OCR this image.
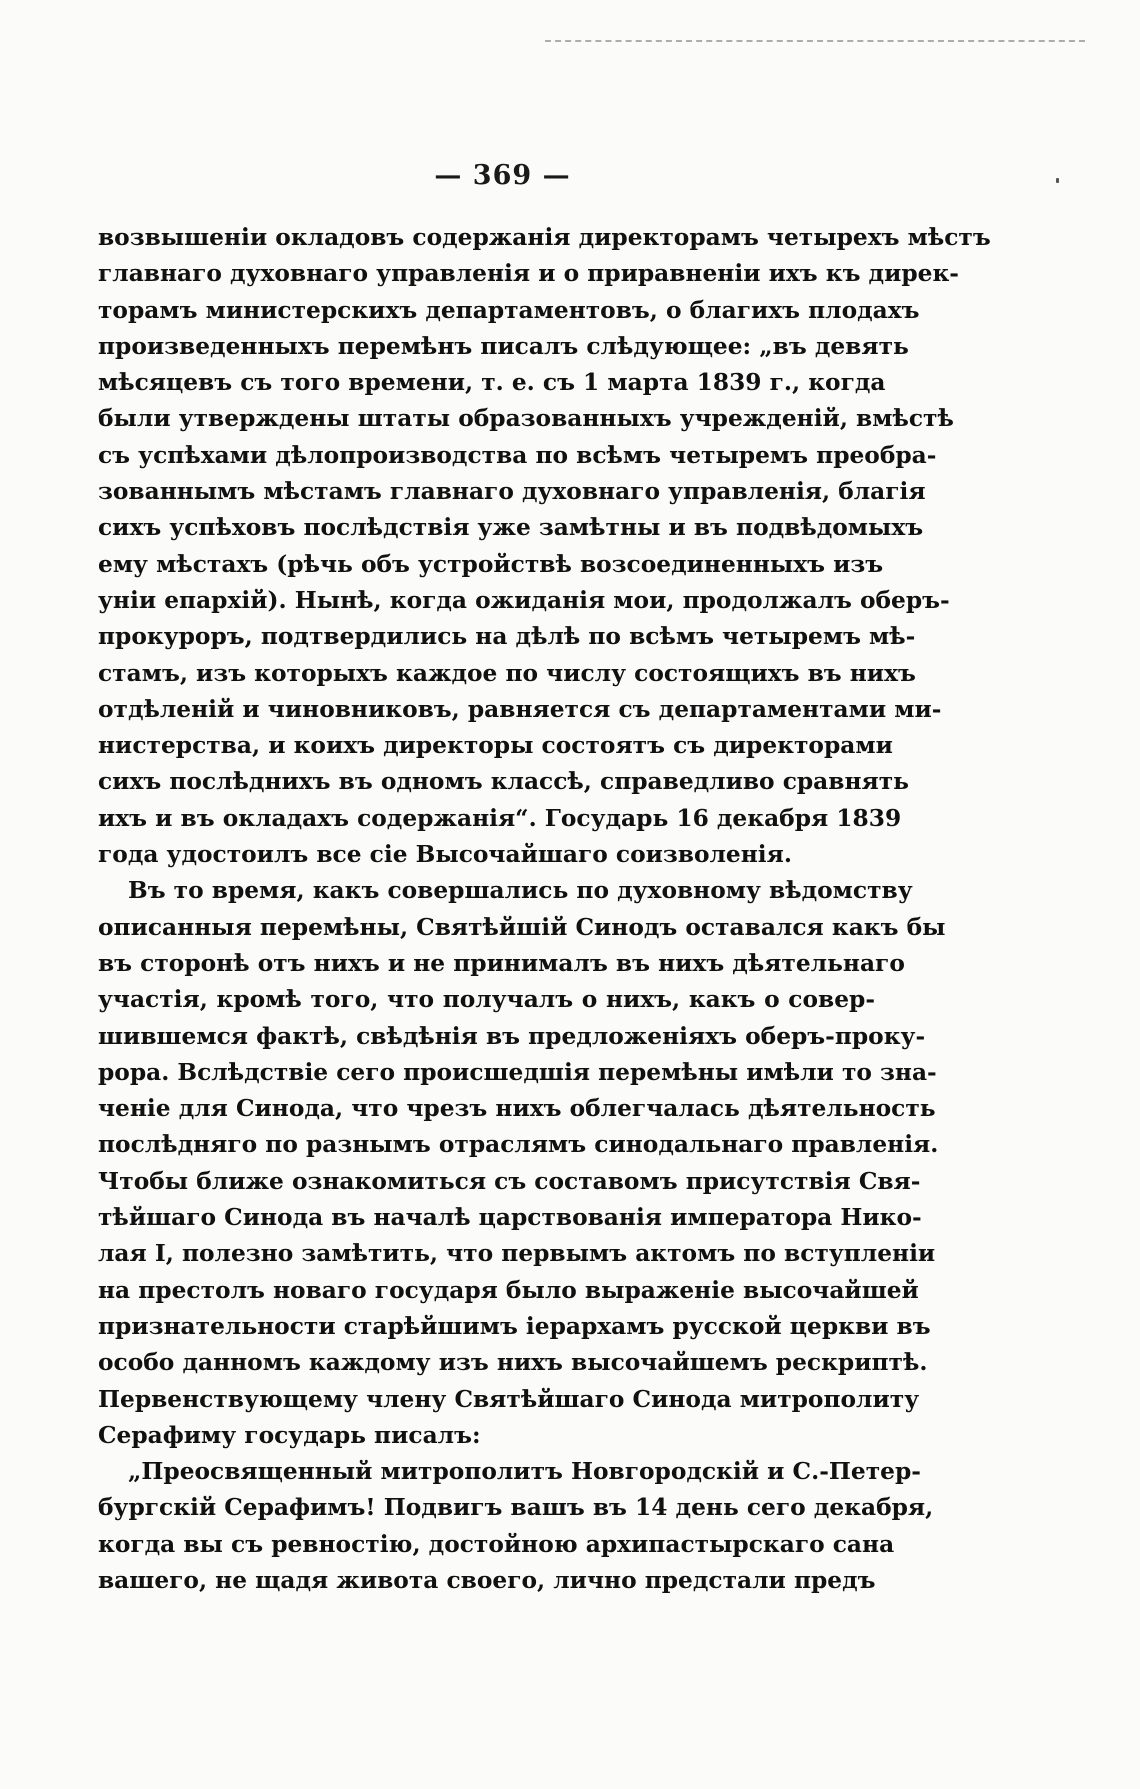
— 369 —
возвышеніи окладовъ содержанія директорамъ четырехъ мѣстъ
главнаго духовнаго управленія и о приравненіи ихъ къ дирек-
торамъ министерскихъ департаментовъ, о благихъ плодахъ
произведенныхъ перемѣнъ писалъ слѣдующее: „въ девять
мѣсяцевъ съ того времени, т. е. съ 1 марта 1839 г., когда
были утверждены штаты образованныхъ учрежденій, вмѣстѣ
съ успѣхами дѣлопроизводства по всѣмъ четыремъ преобра-
зованнымъ мѣстамъ главнаго духовнаго управленія, благія
сихъ успѣховъ послѣдствія уже замѣтны и въ подвѣдомыхъ
ему мѣстахъ (рѣчь объ устройствѣ возсоединенныхъ изъ
уніи епархій). Нынѣ, когда ожиданія мои, продолжалъ оберъ-
прокуроръ, подтвердились на дѣлѣ по всѣмъ четыремъ мѣ-
стамъ, изъ которыхъ каждое по числу состоящихъ въ нихъ
отдѣленій и чиновниковъ, равняется съ департаментами ми-
нистерства, и коихъ директоры состоятъ съ директорами
сихъ послѣднихъ въ одномъ классѣ, справедливо сравнять
ихъ и въ окладахъ содержанія“. Государь 16 декабря 1839
года удостоилъ все сіе Высочайшаго соизволенія.
Въ то время, какъ совершались по духовному вѣдомству
описанныя перемѣны, Святѣйшій Синодъ оставался какъ бы
въ сторонѣ отъ нихъ и не принималъ въ нихъ дѣятельнаго
участія, кромѣ того, что получалъ о нихъ, какъ о совер-
шившемся фактѣ, свѣдѣнія въ предложеніяхъ оберъ-проку-
рора. Вслѣдствіе сего происшедшія перемѣны имѣли то зна-
ченіе для Синода, что чрезъ нихъ облегчалась дѣятельность
послѣдняго по разнымъ отраслямъ синодальнаго правленія.
Чтобы ближе ознакомиться съ составомъ присутствія Свя-
тѣйшаго Синода въ началѣ царствованія императора Нико-
лая I, полезно замѣтить, что первымъ актомъ по вступленіи
на престолъ новаго государя было выраженіе высочайшей
признательности старѣйшимъ іерархамъ русской церкви въ
особо данномъ каждому изъ нихъ высочайшемъ рескриптѣ.
Первенствующему члену Святѣйшаго Синода митрополиту
Серафиму государь писалъ:
„Преосвященный митрополитъ Новгородскій и С.-Петер-
бургскій Серафимъ! Подвигъ вашъ въ 14 день сего декабря,
когда вы съ ревностію, достойною архипастырскаго сана
вашего, не щадя живота своего, лично предстали предъ
